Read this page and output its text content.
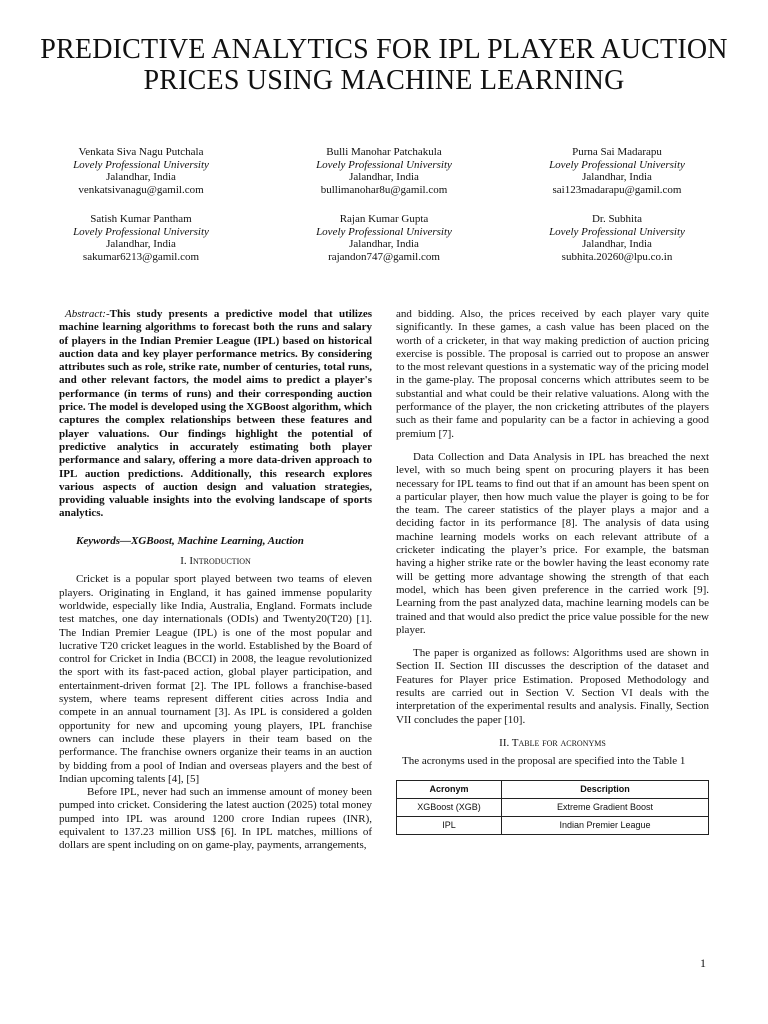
PREDICTIVE ANALYTICS FOR IPL PLAYER AUCTION PRICES USING MACHINE LEARNING
Venkata Siva Nagu Putchala
Lovely Professional University
Jalandhar, India
venkatsivanagu@gamil.com
Bulli Manohar Patchakula
Lovely Professional University
Jalandhar, India
bullimanohar8u@gamil.com
Purna Sai Madarapu
Lovely Professional University
Jalandhar, India
sai123madarapu@gamil.com
Satish Kumar Pantham
Lovely Professional University
Jalandhar, India
sakumar6213@gamil.com
Rajan Kumar Gupta
Lovely Professional University
Jalandhar, India
rajandon747@gamil.com
Dr. Subhita
Lovely Professional University
Jalandhar, India
subhita.20260@lpu.co.in

Abstract:-This study presents a predictive model that utilizes machine learning algorithms to forecast both the runs and salary of players in the Indian Premier League (IPL) based on historical auction data and key player performance metrics. By considering attributes such as role, strike rate, number of centuries, total runs, and other relevant factors, the model aims to predict a player's performance (in terms of runs) and their corresponding auction price. The model is developed using the XGBoost algorithm, which captures the complex relationships between these features and player valuations. Our findings highlight the potential of predictive analytics in accurately estimating both player performance and salary, offering a more data-driven approach to IPL auction predictions. Additionally, this research explores various aspects of auction design and valuation strategies, providing valuable insights into the evolving landscape of sports analytics.

Keywords—XGBoost, Machine Learning, Auction

I. Introduction

Cricket is a popular sport played between two teams of eleven players. Originating in England, it has gained immense popularity worldwide, especially like India, Australia, England. Formats include test matches, one day internationals (ODIs) and Twenty20(T20) [1]. The Indian Premier League (IPL) is one of the most popular and lucrative T20 cricket leagues in the world. Established by the Board of control for Cricket in India (BCCI) in 2008, the league revolutionized the sport with its fast-paced action, global player participation, and entertainment-driven format [2]. The IPL follows a franchise-based system, where teams represent different cities across India and compete in an annual tournament [3]. As IPL is considered a golden opportunity for new and upcoming young players, IPL franchise owners can include these players in their team based on the performance. The franchise owners organize their teams in an auction by bidding from a pool of Indian and overseas players and the best of Indian upcoming talents [4], [5]

Before IPL, never had such an immense amount of money been pumped into cricket. Considering the latest auction (2025) total money pumped into IPL was around 1200 crore Indian rupees (INR), equivalent to 137.23 million US$ [6]. In IPL matches, millions of dollars are spent including on on game-play, payments, arrangements,

and bidding. Also, the prices received by each player vary quite significantly. In these games, a cash value has been placed on the worth of a cricketer, in that way making prediction of auction pricing exercise is possible. The proposal is carried out to propose an answer to the most relevant questions in a systematic way of the pricing model in the game-play. The proposal concerns which attributes seem to be substantial and what could be their relative valuations. Along with the performance of the player, the non cricketing attributes of the players such as their fame and popularity can be a factor in achieving a good premium [7].

Data Collection and Data Analysis in IPL has breached the next level, with so much being spent on procuring players it has been necessary for IPL teams to find out that if an amount has been spent on a particular player, then how much value the player is going to be for the team. The career statistics of the player plays a major and a deciding factor in its performance [8]. The analysis of data using machine learning models works on each relevant attribute of a cricketer indicating the player’s price. For example, the batsman having a higher strike rate or the bowler having the least economy rate will be getting more advantage showing the strength of that each model, which has been given preference in the carried work [9]. Learning from the past analyzed data, machine learning models can be trained and that would also predict the price value possible for the new player.

The paper is organized as follows: Algorithms used are shown in Section II. Section III discusses the description of the dataset and Features for Player price Estimation. Proposed Methodology and results are carried out in Section V. Section VI deals with the interpretation of the experimental results and analysis. Finally, Section VII concludes the paper [10].

II. Table for acronyms

The acronyms used in the proposal are specified into the Table 1

Acronym	Description
XGBoost (XGB)	Extreme Gradient Boost
IPL	Indian Premier League
1
